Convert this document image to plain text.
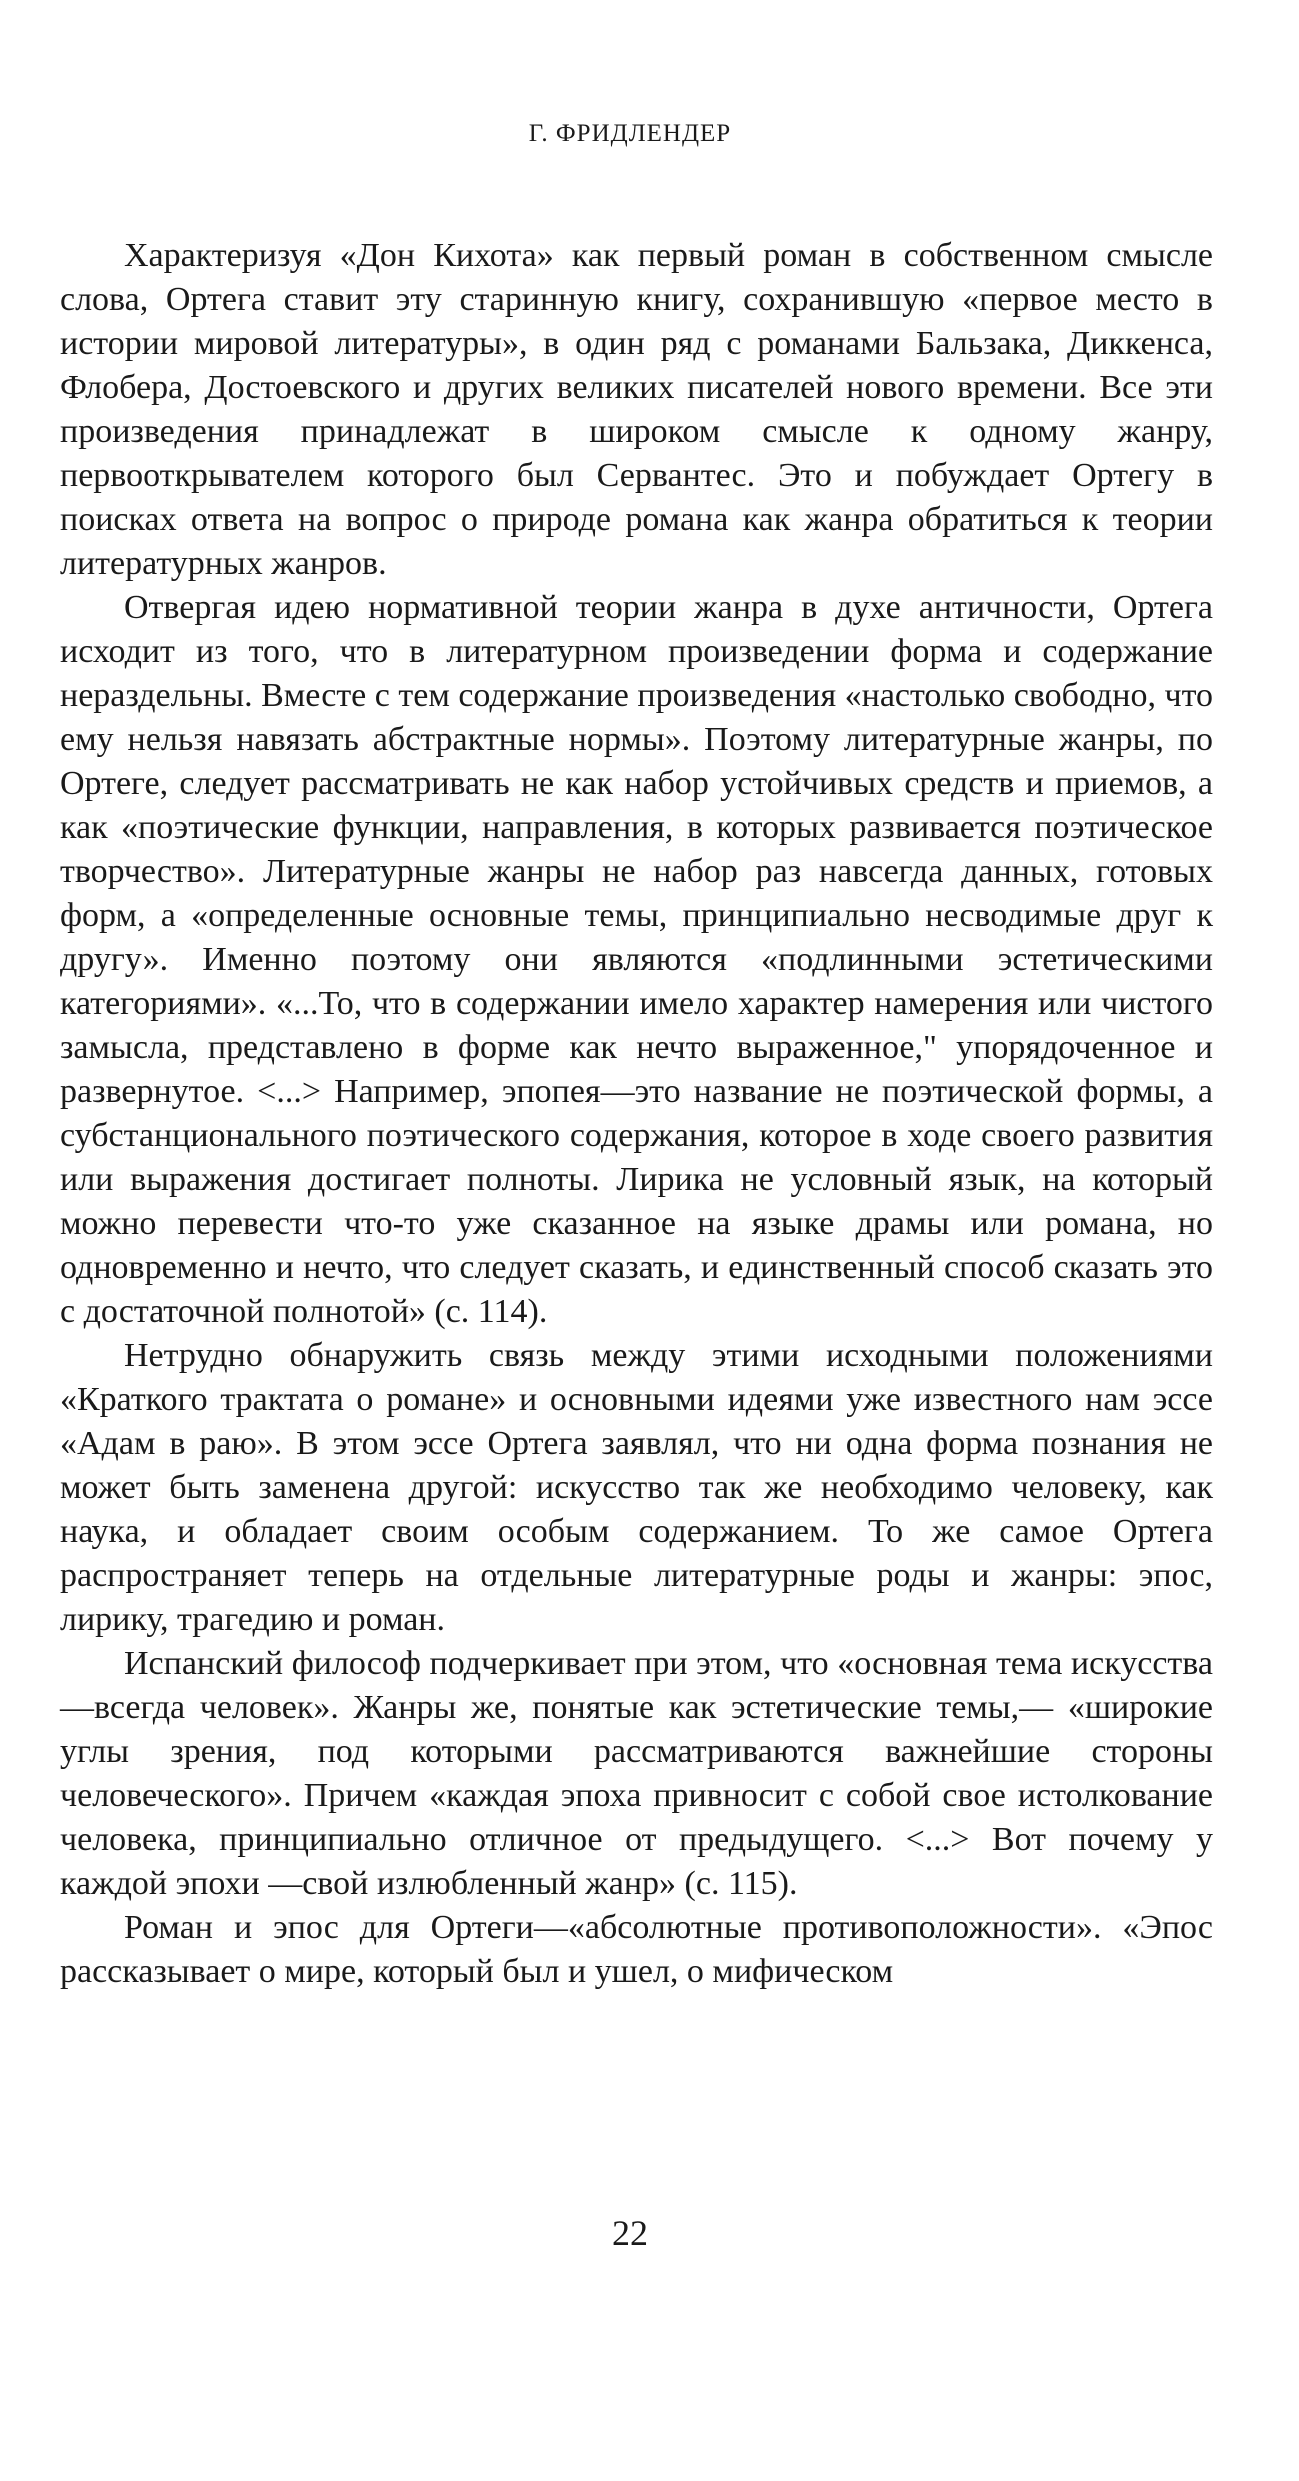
Г. ФРИДЛЕНДЕР

Характеризуя «Дон Кихота» как первый роман в собственном смысле слова, Ортега ставит эту старинную книгу, сохранившую «первое место в истории мировой литературы», в один ряд с романами Бальзака, Диккенса, Флобера, Достоевского и других великих писателей нового времени. Все эти произведения принадлежат в широком смысле к одному жанру, первооткрывателем которого был Сервантес. Это и побуждает Ортегу в поисках ответа на вопрос о природе романа как жанра обратиться к теории литературных жанров.

Отвергая идею нормативной теории жанра в духе античности, Ортега исходит из того, что в литературном произведении форма и содержание нераздельны. Вместе с тем содержание произведения «настолько свободно, что ему нельзя навязать абстрактные нормы». Поэтому литературные жанры, по Ортеге, следует рассматривать не как набор устойчивых средств и приемов, а как «поэтические функции, направления, в которых развивается поэтическое творчество». Литературные жанры не набор раз навсегда данных, готовых форм, а «определенные основные темы, принципиально несводимые друг к другу». Именно поэтому они являются «подлинными эстетическими категориями». «...То, что в содержании имело характер намерения или чистого замысла, представлено в форме как нечто выраженное," упорядоченное и развернутое. <...> Например, эпопея—это название не поэтической формы, а субстанционального поэтического содержания, которое в ходе своего развития или выражения достигает полноты. Лирика не условный язык, на который можно перевести что-то уже сказанное на языке драмы или романа, но одновременно и нечто, что следует сказать, и единственный способ сказать это с достаточной полнотой» (с. 114).

Нетрудно обнаружить связь между этими исходными положениями «Краткого трактата о романе» и основными идеями уже известного нам эссе «Адам в раю». В этом эссе Ортега заявлял, что ни одна форма познания не может быть заменена другой: искусство так же необходимо человеку, как наука, и обладает своим особым содержанием. То же самое Ортега распространяет теперь на отдельные литературные роды и жанры: эпос, лирику, трагедию и роман.

Испанский философ подчеркивает при этом, что «основная тема искусства—всегда человек». Жанры же, понятые как эстетические темы,— «широкие углы зрения, под которыми рассматриваются важнейшие стороны человеческого». Причем «каждая эпоха привносит с собой свое истолкование человека, принципиально отличное от предыдущего. <...> Вот почему у каждой эпохи —свой излюбленный жанр» (с. 115).

Роман и эпос для Ортеги—«абсолютные противоположности». «Эпос рассказывает о мире, который был и ушел, о мифическом

22
